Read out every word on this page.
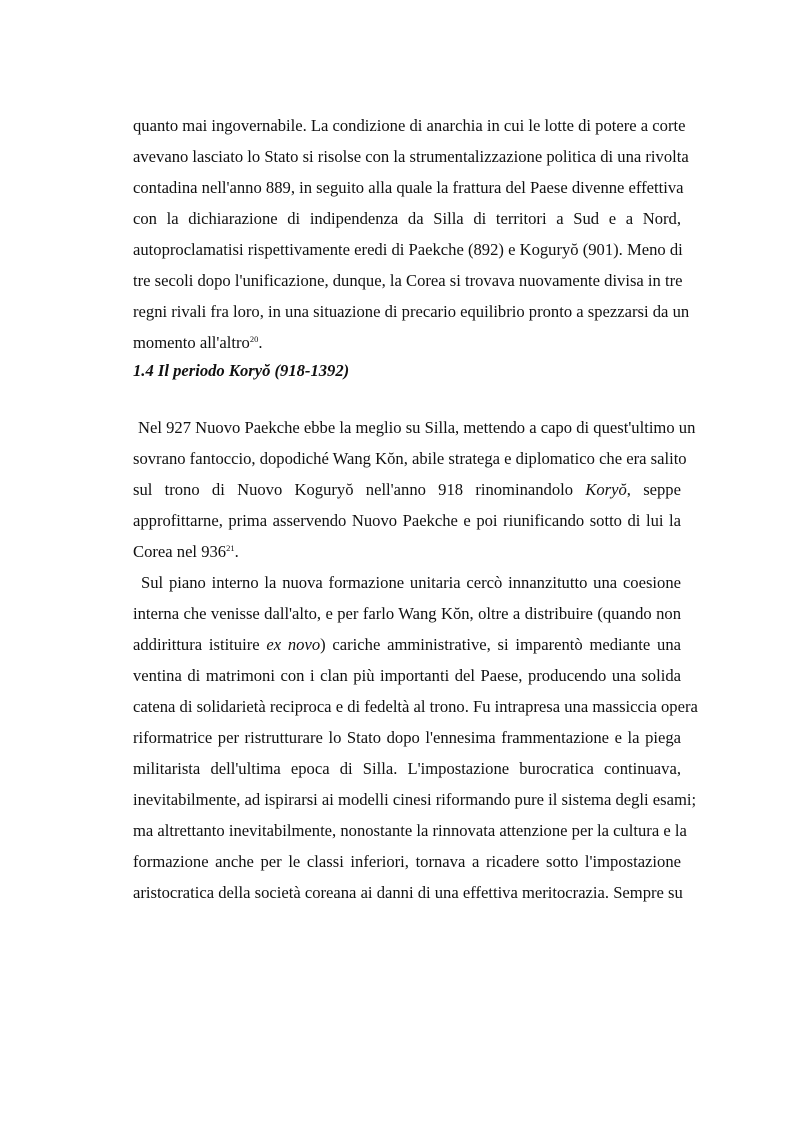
quanto mai ingovernabile. La condizione di anarchia in cui le lotte di potere a corte
avevano lasciato lo Stato si risolse con la strumentalizzazione politica di una rivolta
contadina nell'anno 889, in seguito alla quale la frattura del Paese divenne effettiva
con la dichiarazione di indipendenza da Silla di territori a Sud e a Nord,
autoproclamatisi rispettivamente eredi di Paekche (892) e Koguryŏ (901). Meno di
tre secoli dopo l'unificazione, dunque, la Corea si trovava nuovamente divisa in tre
regni rivali fra loro, in una situazione di precario equilibrio pronto a spezzarsi da un
momento all'altro$^{20}$.
1.4 Il periodo Koryŏ (918-1392)
Nel 927 Nuovo Paekche ebbe la meglio su Silla, mettendo a capo di quest'ultimo un
sovrano fantoccio, dopodiché Wang Kŏn, abile stratega e diplomatico che era salito
sul trono di Nuovo Koguryŏ nell'anno 918 rinominandolo Koryŏ, seppe
approfittarne, prima asservendo Nuovo Paekche e poi riunificando sotto di lui la
Corea nel 936$^{21}$.
Sul piano interno la nuova formazione unitaria cercò innanzitutto una coesione
interna che venisse dall'alto, e per farlo Wang Kŏn, oltre a distribuire (quando non
addirittura istituire ex novo) cariche amministrative, si imparentò mediante una
ventina di matrimoni con i clan più importanti del Paese, producendo una solida
catena di solidarietà reciproca e di fedeltà al trono. Fu intrapresa una massiccia opera
riformatrice per ristrutturare lo Stato dopo l'ennesima frammentazione e la piega
militarista dell'ultima epoca di Silla. L'impostazione burocratica continuava,
inevitabilmente, ad ispirarsi ai modelli cinesi riformando pure il sistema degli esami;
ma altrettanto inevitabilmente, nonostante la rinnovata attenzione per la cultura e la
formazione anche per le classi inferiori, tornava a ricadere sotto l'impostazione
aristocratica della società coreana ai danni di una effettiva meritocrazia. Sempre su
